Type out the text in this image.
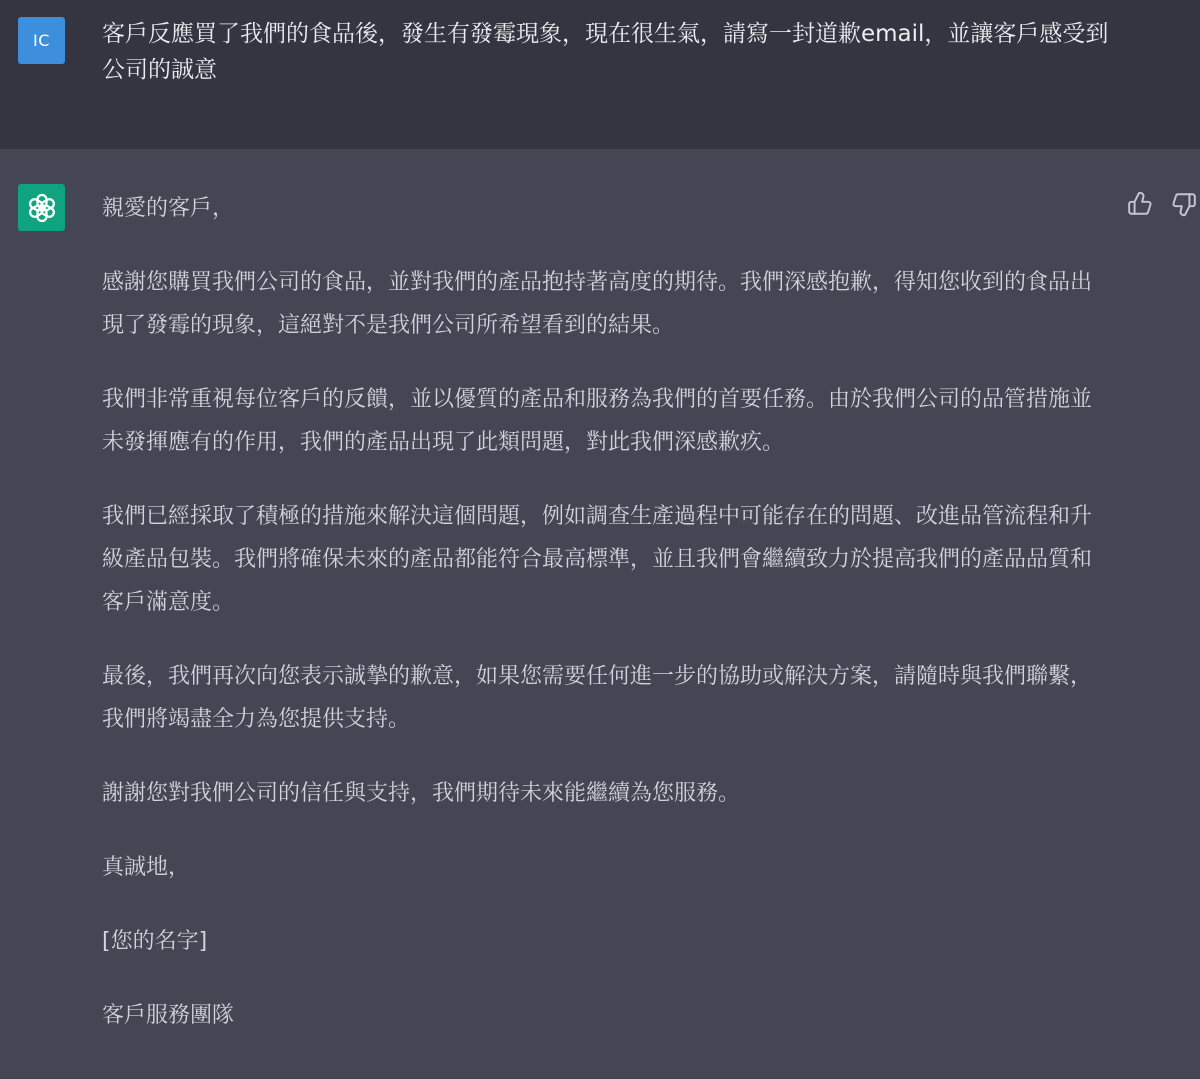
IC 客戶反應買了我們的食品後，發生有發霉現象，現在很生氣，請寫一封道歉email，並讓客戶感受到公司的誠意

親愛的客戶，

感謝您購買我們公司的食品，並對我們的產品抱持著高度的期待。我們深感抱歉，得知您收到的食品出現了發霉的現象，這絕對不是我們公司所希望看到的結果。

我們非常重視每位客戶的反饋，並以優質的產品和服務為我們的首要任務。由於我們公司的品管措施並未發揮應有的作用，我們的產品出現了此類問題，對此我們深感歉疚。

我們已經採取了積極的措施來解決這個問題，例如調查生產過程中可能存在的問題、改進品管流程和升級產品包裝。我們將確保未來的產品都能符合最高標準，並且我們會繼續致力於提高我們的產品品質和客戶滿意度。

最後，我們再次向您表示誠摯的歉意，如果您需要任何進一步的協助或解決方案，請隨時與我們聯繫，我們將竭盡全力為您提供支持。

謝謝您對我們公司的信任與支持，我們期待未來能繼續為您服務。

真誠地，

[您的名字]

客戶服務團隊
